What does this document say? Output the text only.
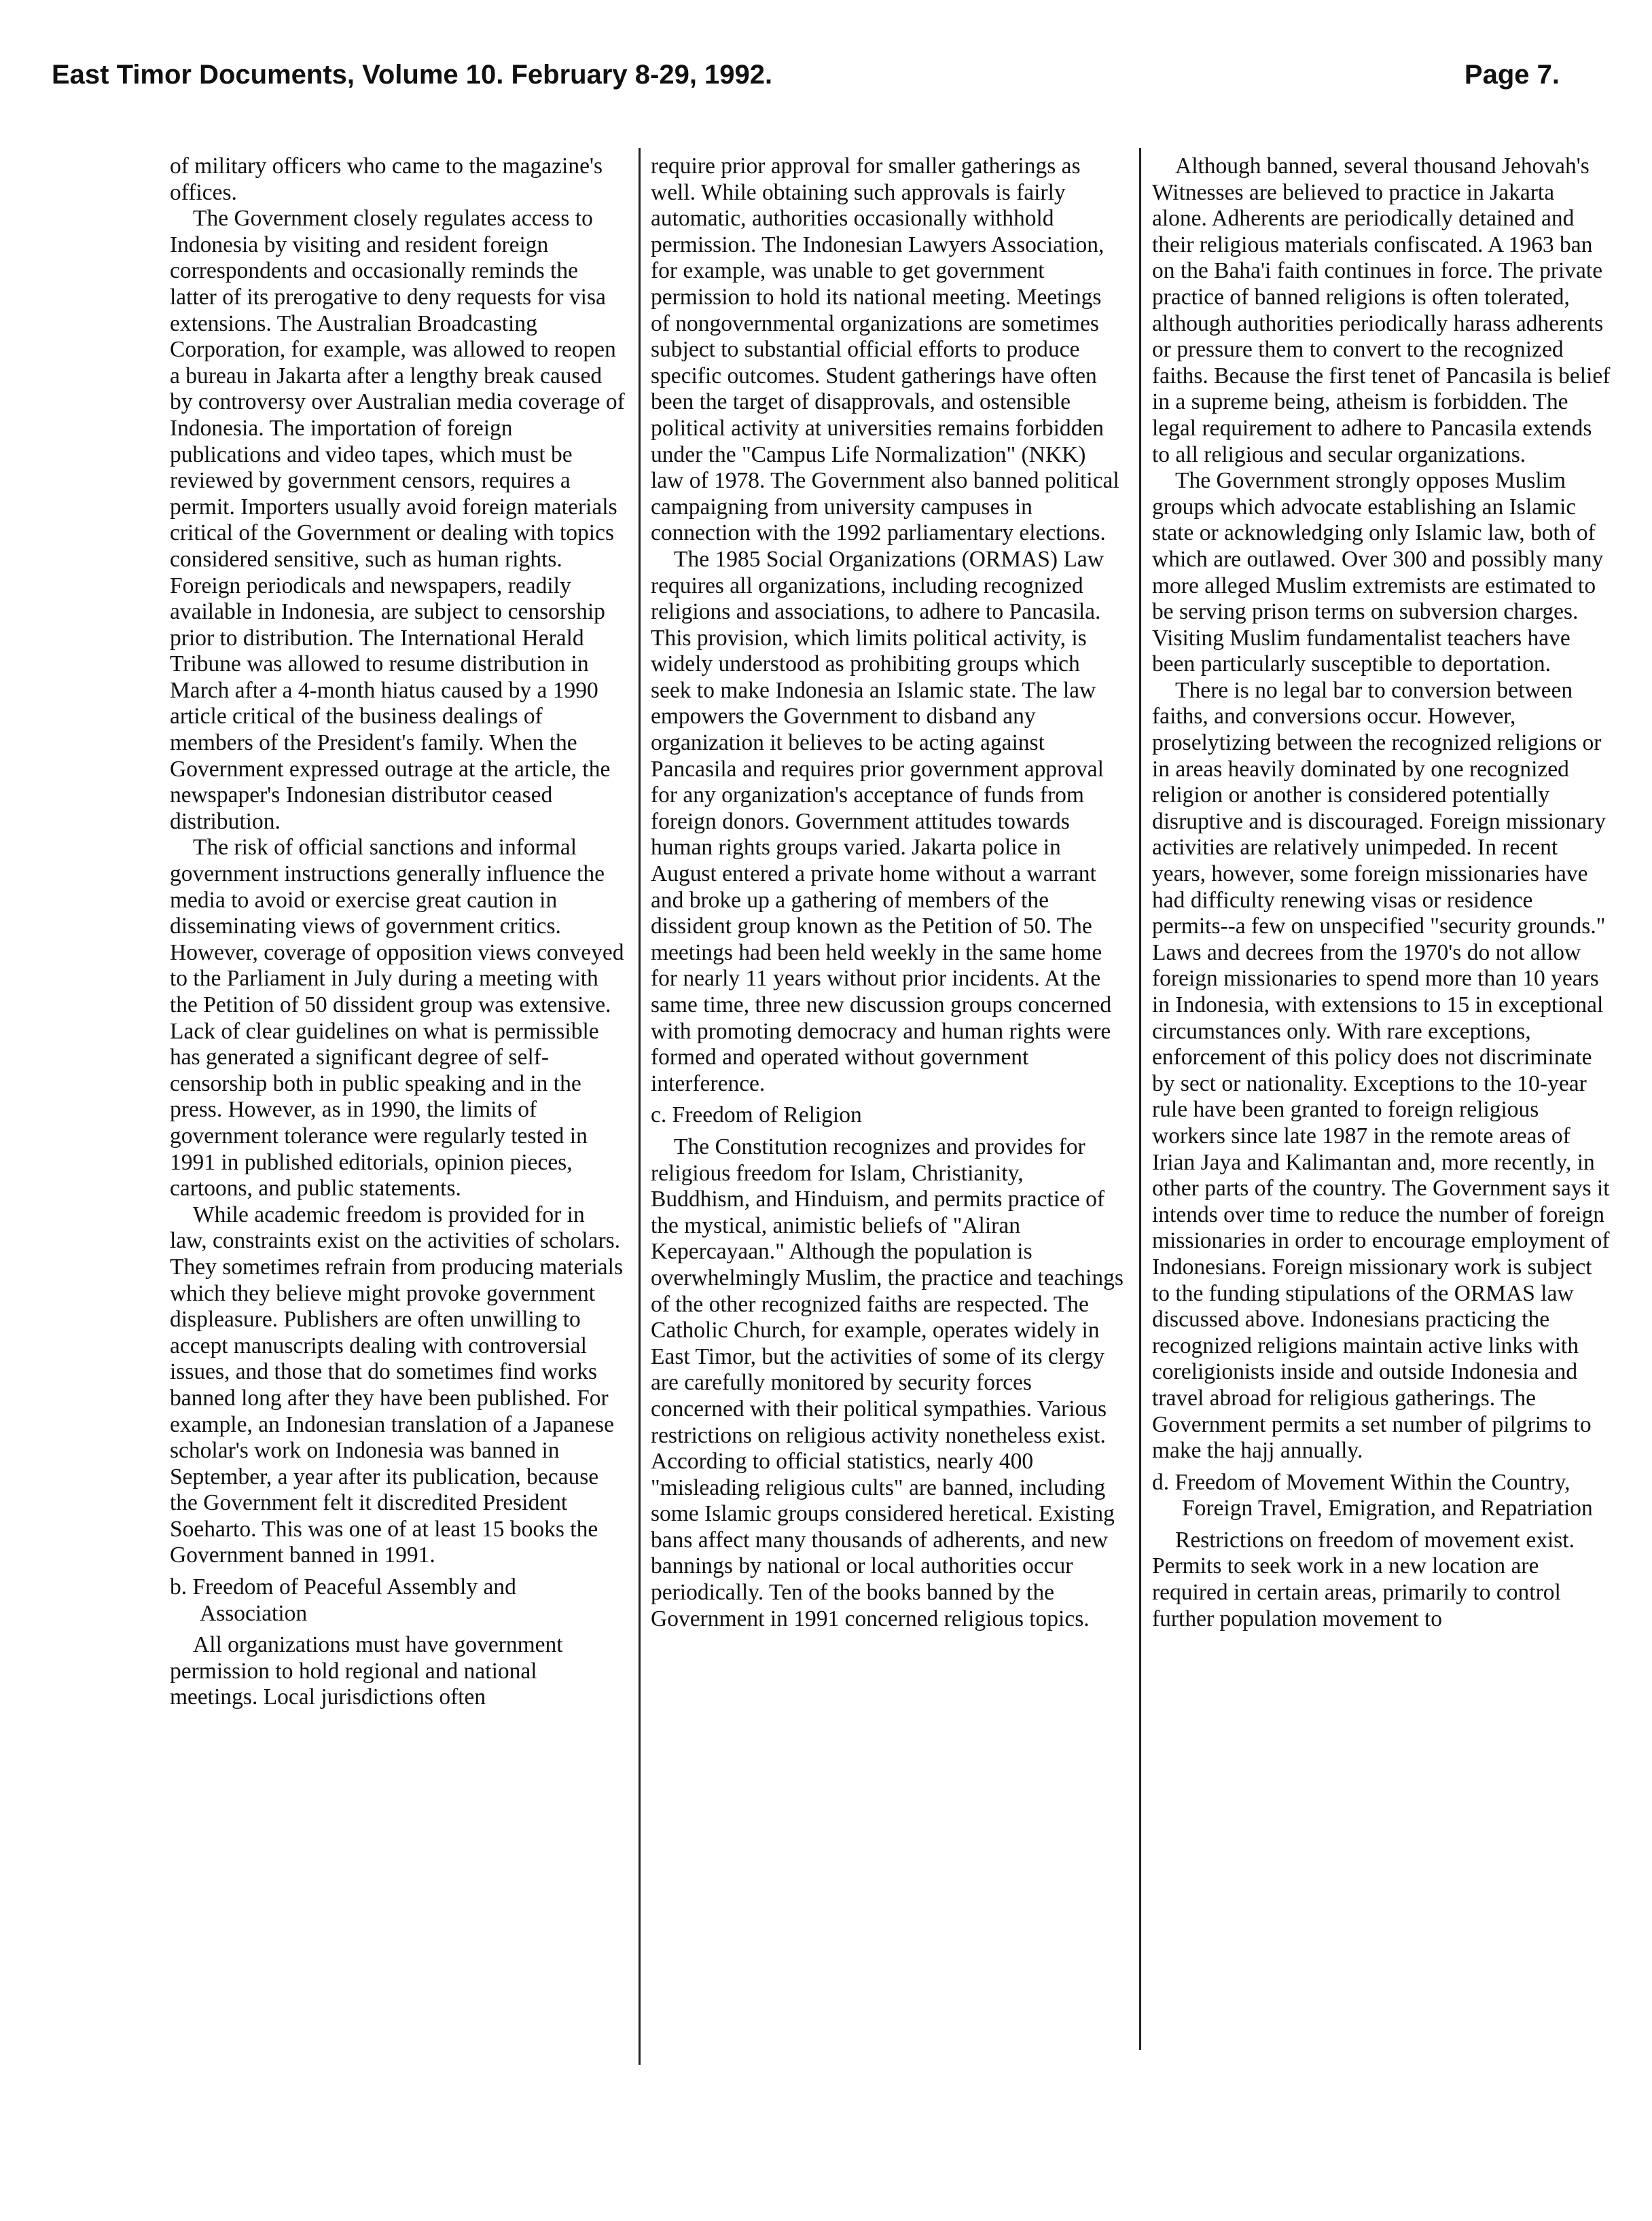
East Timor Documents, Volume 10. February 8-29, 1992.	Page 7.

of military officers who came to the magazine's offices.

The Government closely regulates access to Indonesia by visiting and resident foreign correspondents and occasionally reminds the latter of its prerogative to deny requests for visa extensions. The Australian Broadcasting Corporation, for example, was allowed to reopen a bureau in Jakarta after a lengthy break caused by controversy over Australian media coverage of Indonesia. The importation of foreign publications and video tapes, which must be reviewed by government censors, requires a permit. Importers usually avoid foreign materials critical of the Government or dealing with topics considered sensitive, such as human rights. Foreign periodicals and newspapers, readily available in Indonesia, are subject to censorship prior to distribution. The International Herald Tribune was allowed to resume distribution in March after a 4-month hiatus caused by a 1990 article critical of the business dealings of members of the President's family. When the Government expressed outrage at the article, the newspaper's Indonesian distributor ceased distribution.

The risk of official sanctions and informal government instructions generally influence the media to avoid or exercise great caution in disseminating views of government critics. However, coverage of opposition views conveyed to the Parliament in July during a meeting with the Petition of 50 dissident group was extensive. Lack of clear guidelines on what is permissible has generated a significant degree of self-censorship both in public speaking and in the press. However, as in 1990, the limits of government tolerance were regularly tested in 1991 in published editorials, opinion pieces, cartoons, and public statements.

While academic freedom is provided for in law, constraints exist on the activities of scholars. They sometimes refrain from producing materials which they believe might provoke government displeasure. Publishers are often unwilling to accept manuscripts dealing with controversial issues, and those that do sometimes find works banned long after they have been published. For example, an Indonesian translation of a Japanese scholar's work on Indonesia was banned in September, a year after its publication, because the Government felt it discredited President Soeharto. This was one of at least 15 books the Government banned in 1991.

b. Freedom of Peaceful Assembly and Association

All organizations must have government permission to hold regional and national meetings. Local jurisdictions often

require prior approval for smaller gatherings as well. While obtaining such approvals is fairly automatic, authorities occasionally withhold permission. The Indonesian Lawyers Association, for example, was unable to get government permission to hold its national meeting. Meetings of nongovernmental organizations are sometimes subject to substantial official efforts to produce specific outcomes. Student gatherings have often been the target of disapprovals, and ostensible political activity at universities remains forbidden under the "Campus Life Normalization" (NKK) law of 1978. The Government also banned political campaigning from university campuses in connection with the 1992 parliamentary elections.

The 1985 Social Organizations (ORMAS) Law requires all organizations, including recognized religions and associations, to adhere to Pancasila. This provision, which limits political activity, is widely understood as prohibiting groups which seek to make Indonesia an Islamic state. The law empowers the Government to disband any organization it believes to be acting against Pancasila and requires prior government approval for any organization's acceptance of funds from foreign donors. Government attitudes towards human rights groups varied. Jakarta police in August entered a private home without a warrant and broke up a gathering of members of the dissident group known as the Petition of 50. The meetings had been held weekly in the same home for nearly 11 years without prior incidents. At the same time, three new discussion groups concerned with promoting democracy and human rights were formed and operated without government interference.

c. Freedom of Religion

The Constitution recognizes and provides for religious freedom for Islam, Christianity, Buddhism, and Hinduism, and permits practice of the mystical, animistic beliefs of "Aliran Kepercayaan." Although the population is overwhelmingly Muslim, the practice and teachings of the other recognized faiths are respected. The Catholic Church, for example, operates widely in East Timor, but the activities of some of its clergy are carefully monitored by security forces concerned with their political sympathies. Various restrictions on religious activity nonetheless exist. According to official statistics, nearly 400 "misleading religious cults" are banned, including some Islamic groups considered heretical. Existing bans affect many thousands of adherents, and new bannings by national or local authorities occur periodically. Ten of the books banned by the Government in 1991 concerned religious topics.

Although banned, several thousand Jehovah's Witnesses are believed to practice in Jakarta alone. Adherents are periodically detained and their religious materials confiscated. A 1963 ban on the Baha'i faith continues in force. The private practice of banned religions is often tolerated, although authorities periodically harass adherents or pressure them to convert to the recognized faiths. Because the first tenet of Pancasila is belief in a supreme being, atheism is forbidden. The legal requirement to adhere to Pancasila extends to all religious and secular organizations.

The Government strongly opposes Muslim groups which advocate establishing an Islamic state or acknowledging only Islamic law, both of which are outlawed. Over 300 and possibly many more alleged Muslim extremists are estimated to be serving prison terms on subversion charges. Visiting Muslim fundamentalist teachers have been particularly susceptible to deportation.

There is no legal bar to conversion between faiths, and conversions occur. However, proselytizing between the recognized religions or in areas heavily dominated by one recognized religion or another is considered potentially disruptive and is discouraged. Foreign missionary activities are relatively unimpeded. In recent years, however, some foreign missionaries have had difficulty renewing visas or residence permits--a few on unspecified "security grounds." Laws and decrees from the 1970's do not allow foreign missionaries to spend more than 10 years in Indonesia, with extensions to 15 in exceptional circumstances only. With rare exceptions, enforcement of this policy does not discriminate by sect or nationality. Exceptions to the 10-year rule have been granted to foreign religious workers since late 1987 in the remote areas of Irian Jaya and Kalimantan and, more recently, in other parts of the country. The Government says it intends over time to reduce the number of foreign missionaries in order to encourage employment of Indonesians. Foreign missionary work is subject to the funding stipulations of the ORMAS law discussed above. Indonesians practicing the recognized religions maintain active links with coreligionists inside and outside Indonesia and travel abroad for religious gatherings. The Government permits a set number of pilgrims to make the hajj annually.

d. Freedom of Movement Within the Country, Foreign Travel, Emigration, and Repatriation

Restrictions on freedom of movement exist. Permits to seek work in a new location are required in certain areas, primarily to control further population movement to
